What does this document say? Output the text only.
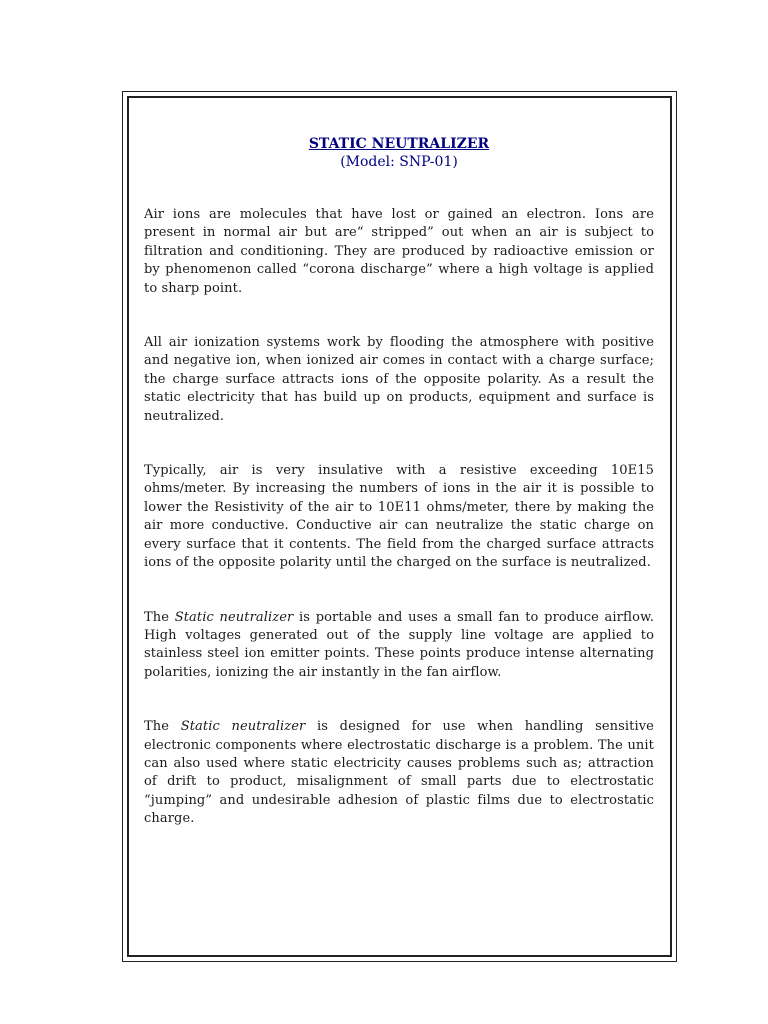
STATIC NEUTRALIZER

(Model: SNP-01)

Air ions are molecules that have lost or gained an electron. Ions are present in normal air but are“ stripped” out when an air is subject to filtration and conditioning. They are produced by radioactive emission or by phenomenon called “corona discharge” where a high voltage is applied to sharp point.

All air ionization systems work by flooding the atmosphere with positive and negative ion, when ionized air comes in contact with a charge surface; the charge surface attracts ions of the opposite polarity. As a result the static electricity that has build up on products, equipment and surface is neutralized.

Typically, air is very insulative with a resistive exceeding 10E15 ohms/meter. By increasing the numbers of ions in the air it is possible to lower the Resistivity of the air to 10E11 ohms/meter, there by making the air more conductive. Conductive air can neutralize the static charge on every surface that it contents. The field from the charged surface attracts ions of the opposite polarity until the charged on the surface is neutralized.

The Static neutralizer is portable and uses a small fan to produce airflow. High voltages generated out of the supply line voltage are applied to stainless steel ion emitter points. These points produce intense alternating polarities, ionizing the air instantly in the fan airflow.

The Static neutralizer is designed for use when handling sensitive electronic components where electrostatic discharge is a problem. The unit can also used where static electricity causes problems such as; attraction of drift to product, misalignment of small parts due to electrostatic “jumping” and undesirable adhesion of plastic films due to electrostatic charge.
